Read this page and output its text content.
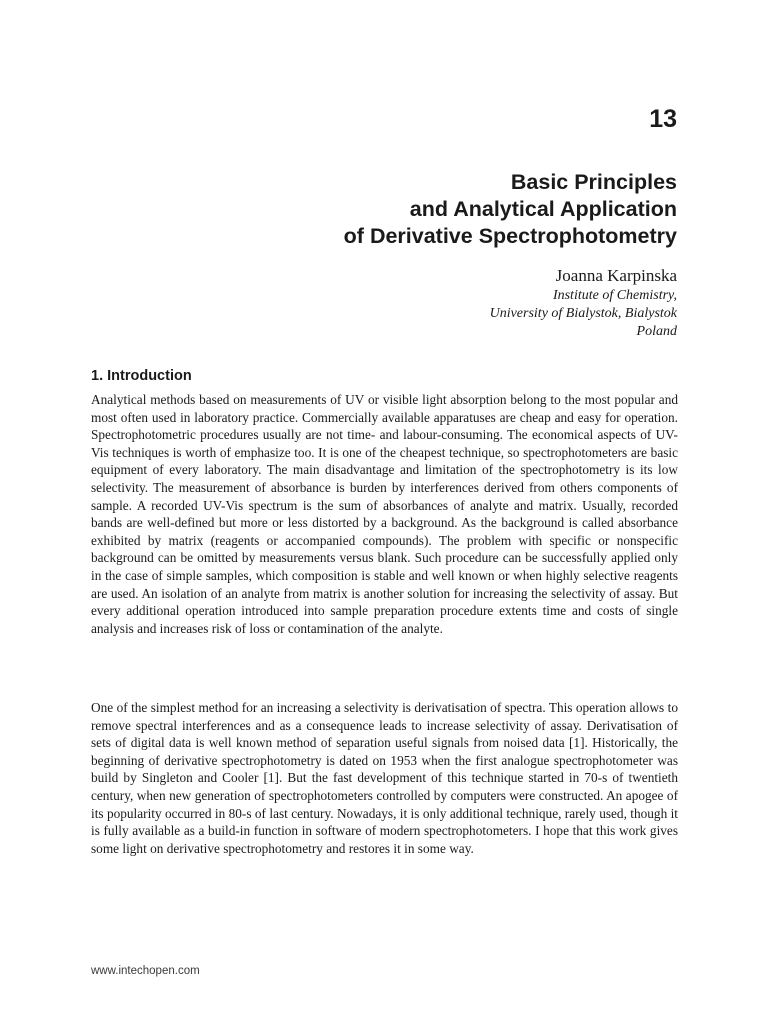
13
Basic Principles
and Analytical Application
of Derivative Spectrophotometry
Joanna Karpinska
Institute of Chemistry,
University of Bialystok, Bialystok
Poland
1. Introduction

Analytical methods based on measurements of UV or visible light absorption belong to the most popular and most often used in laboratory practice. Commercially available apparatuses are cheap and easy for operation. Spectrophotometric procedures usually are not time- and labour-consuming. The economical aspects of UV-Vis techniques is worth of emphasize too. It is one of the cheapest technique, so spectrophotometers are basic equipment of every laboratory. The main disadvantage and limitation of the spectrophotometry is its low selectivity. The measurement of absorbance is burden by interferences derived from others components of sample. A recorded UV-Vis spectrum is the sum of absorbances of analyte and matrix. Usually, recorded bands are well-defined but more or less distorted by a background. As the background is called absorbance exhibited by matrix (reagents or accompanied compounds). The problem with specific or nonspecific background can be omitted by measurements versus blank. Such procedure can be successfully applied only in the case of simple samples, which composition is stable and well known or when highly selective reagents are used. An isolation of an analyte from matrix is another solution for increasing the selectivity of assay. But every additional operation introduced into sample preparation procedure extents time and costs of single analysis and increases risk of loss or contamination of the analyte.

One of the simplest method for an increasing a selectivity is derivatisation of spectra. This operation allows to remove spectral interferences and as a consequence leads to increase selectivity of assay. Derivatisation of sets of digital data is well known method of separation useful signals from noised data [1]. Historically, the beginning of derivative spectrophotometry is dated on 1953 when the first analogue spectrophotometer was build by Singleton and Cooler [1]. But the fast development of this technique started in 70-s of twentieth century, when new generation of spectrophotometers controlled by computers were constructed. An apogee of its popularity occurred in 80-s of last century. Nowadays, it is only additional technique, rarely used, though it is fully available as a build-in function in software of modern spectrophotometers. I hope that this work gives some light on derivative spectrophotometry and restores it in some way.

www.intechopen.com
